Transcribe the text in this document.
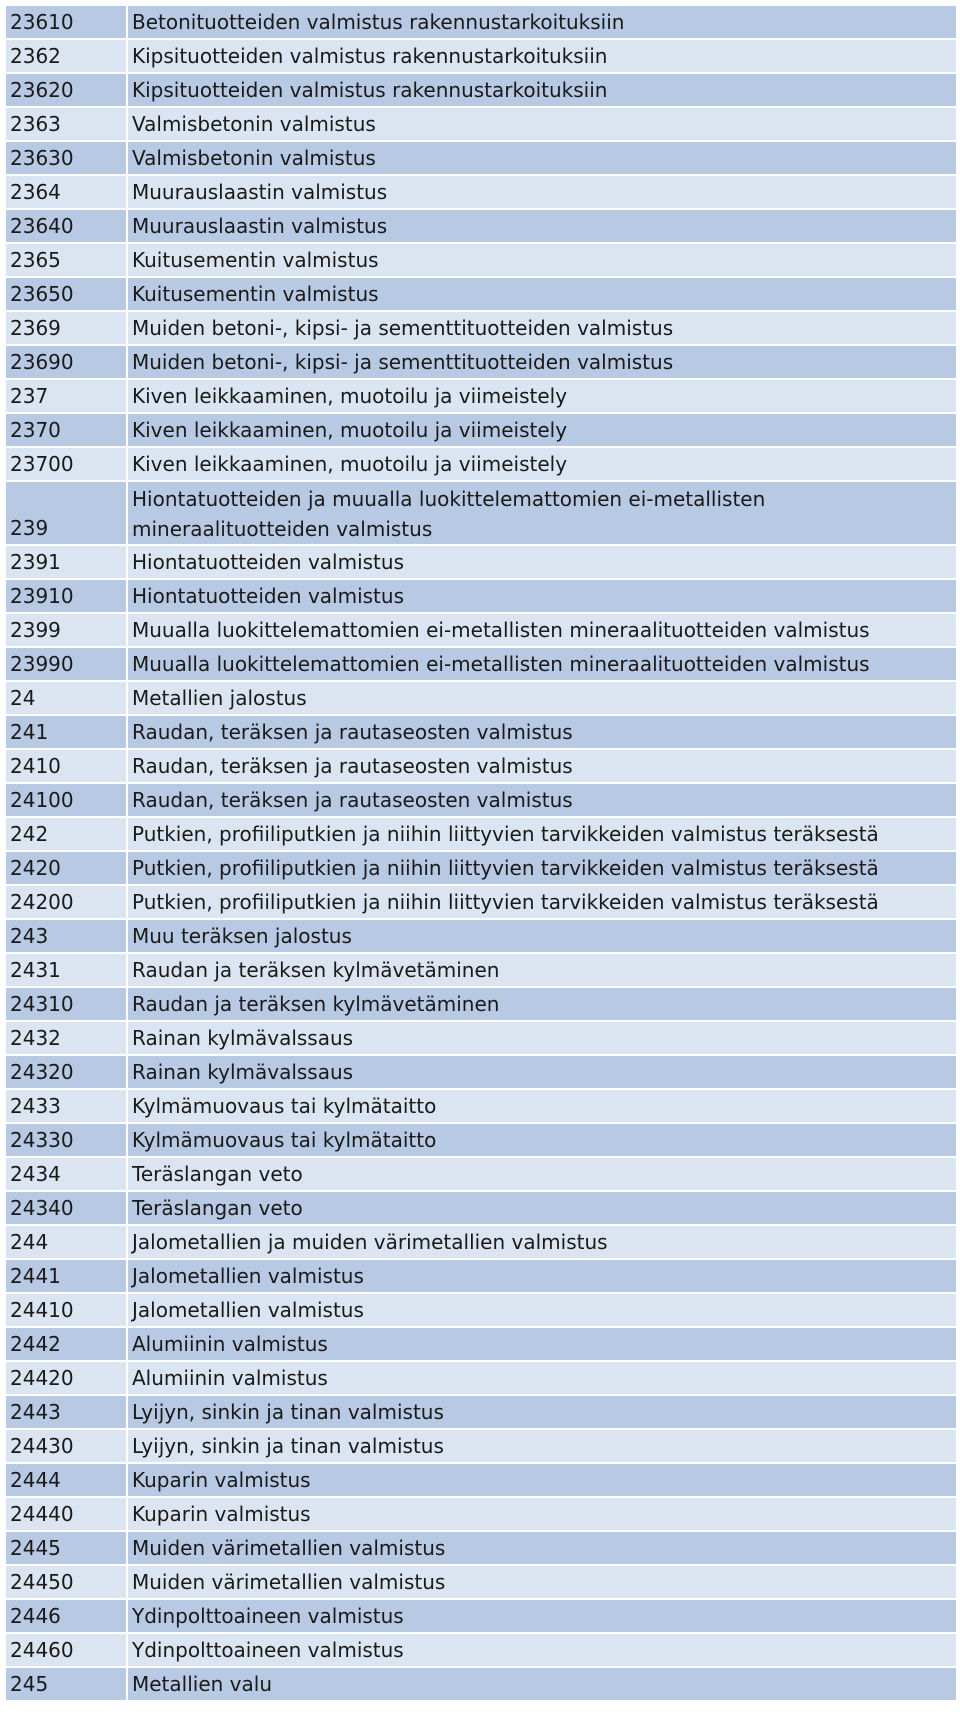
23610	Betonituotteiden valmistus rakennustarkoituksiin
2362	Kipsituotteiden valmistus rakennustarkoituksiin
23620	Kipsituotteiden valmistus rakennustarkoituksiin
2363	Valmisbetonin valmistus
23630	Valmisbetonin valmistus
2364	Muurauslaastin valmistus
23640	Muurauslaastin valmistus
2365	Kuitusementin valmistus
23650	Kuitusementin valmistus
2369	Muiden betoni-, kipsi- ja sementtituotteiden valmistus
23690	Muiden betoni-, kipsi- ja sementtituotteiden valmistus
237	Kiven leikkaaminen, muotoilu ja viimeistely
2370	Kiven leikkaaminen, muotoilu ja viimeistely
23700	Kiven leikkaaminen, muotoilu ja viimeistely
239	Hiontatuotteiden ja muualla luokittelemattomien ei-metallisten mineraalituotteiden valmistus
2391	Hiontatuotteiden valmistus
23910	Hiontatuotteiden valmistus
2399	Muualla luokittelemattomien ei-metallisten mineraalituotteiden valmistus
23990	Muualla luokittelemattomien ei-metallisten mineraalituotteiden valmistus
24	Metallien jalostus
241	Raudan, teräksen ja rautaseosten valmistus
2410	Raudan, teräksen ja rautaseosten valmistus
24100	Raudan, teräksen ja rautaseosten valmistus
242	Putkien, profiiliputkien ja niihin liittyvien tarvikkeiden valmistus teräksestä
2420	Putkien, profiiliputkien ja niihin liittyvien tarvikkeiden valmistus teräksestä
24200	Putkien, profiiliputkien ja niihin liittyvien tarvikkeiden valmistus teräksestä
243	Muu teräksen jalostus
2431	Raudan ja teräksen kylmävetäminen
24310	Raudan ja teräksen kylmävetäminen
2432	Rainan kylmävalssaus
24320	Rainan kylmävalssaus
2433	Kylmämuovaus tai kylmätaitto
24330	Kylmämuovaus tai kylmätaitto
2434	Teräslangan veto
24340	Teräslangan veto
244	Jalometallien ja muiden värimetallien valmistus
2441	Jalometallien valmistus
24410	Jalometallien valmistus
2442	Alumiinin valmistus
24420	Alumiinin valmistus
2443	Lyijyn, sinkin ja tinan valmistus
24430	Lyijyn, sinkin ja tinan valmistus
2444	Kuparin valmistus
24440	Kuparin valmistus
2445	Muiden värimetallien valmistus
24450	Muiden värimetallien valmistus
2446	Ydinpolttoaineen valmistus
24460	Ydinpolttoaineen valmistus
245	Metallien valu
